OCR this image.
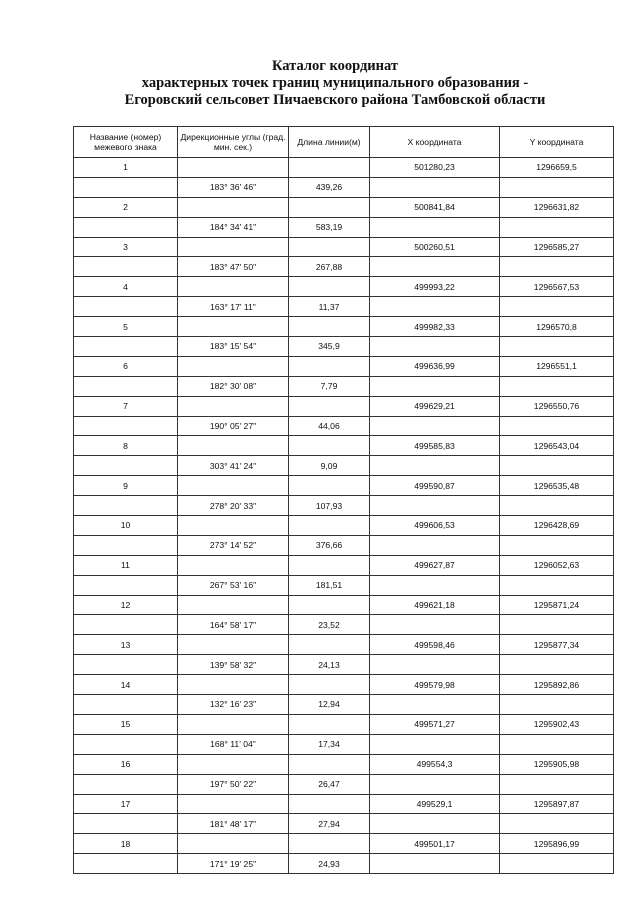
Каталог координат
характерных точек границ муниципального образования -
Егоровский сельсовет Пичаевского района Тамбовской области
Название (номер) межевого знака	Дирекционные углы (град. мин. сек.)	Длина линии(м)	X координата	Y координата
1			501280,23	1296659,5
	183° 36' 46"	439,26		
2			500841,84	1296631,82
	184° 34' 41"	583,19		
3			500260,51	1296585,27
	183° 47' 50"	267,88		
4			499993,22	1296567,53
	163° 17' 11"	11,37		
5			499982,33	1296570,8
	183° 15' 54"	345,9		
6			499636,99	1296551,1
	182° 30' 08"	7,79		
7			499629,21	1296550,76
	190° 05' 27"	44,06		
8			499585,83	1296543,04
	303° 41' 24"	9,09		
9			499590,87	1296535,48
	278° 20' 33"	107,93		
10			499606,53	1296428,69
	273° 14' 52"	376,66		
11			499627,87	1296052,63
	267° 53' 16"	181,51		
12			499621,18	1295871,24
	164° 58' 17"	23,52		
13			499598,46	1295877,34
	139° 58' 32"	24,13		
14			499579,98	1295892,86
	132° 16' 23"	12,94		
15			499571,27	1295902,43
	168° 11' 04"	17,34		
16			499554,3	1295905,98
	197° 50' 22"	26,47		
17			499529,1	1295897,87
	181° 48' 17"	27,94		
18			499501,17	1295896,99
	171° 19' 25"	24,93		
